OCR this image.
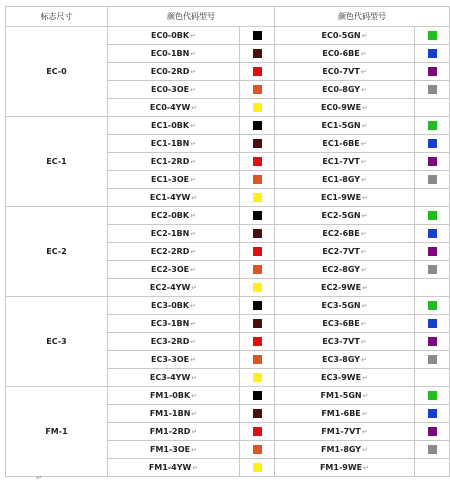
标志尺寸	颜色代码型号		颜色代码型号	
EC-0	EC0-0BK↵		EC0-5GN↵	
	EC0-1BN↵		EC0-6BE↵	
	EC0-2RD↵		EC0-7VT↵	
	EC0-3OE↵		EC0-8GY↵	
	EC0-4YW↵		EC0-9WE↵	
EC-1	EC1-0BK↵		EC1-5GN↵	
	EC1-1BN↵		EC1-6BE↵	
	EC1-2RD↵		EC1-7VT↵	
	EC1-3OE↵		EC1-8GY↵	
	EC1-4YW↵		EC1-9WE↵	
EC-2	EC2-0BK↵		EC2-5GN↵	
	EC2-1BN↵		EC2-6BE↵	
	EC2-2RD↵		EC2-7VT↵	
	EC2-3OE↵		EC2-8GY↵	
	EC2-4YW↵		EC2-9WE↵	
EC-3	EC3-0BK↵		EC3-5GN↵	
	EC3-1BN↵		EC3-6BE↵	
	EC3-2RD↵		EC3-7VT↵	
	EC3-3OE↵		EC3-8GY↵	
	EC3-4YW↵		EC3-9WE↵	
FM-1	FM1-0BK↵		FM1-5GN↵	
	FM1-1BN↵		FM1-6BE↵	
	FM1-2RD↵		FM1-7VT↵	
	FM1-3OE↵		FM1-8GY↵	
	FM1-4YW↵		FM1-9WE↵	
↵
